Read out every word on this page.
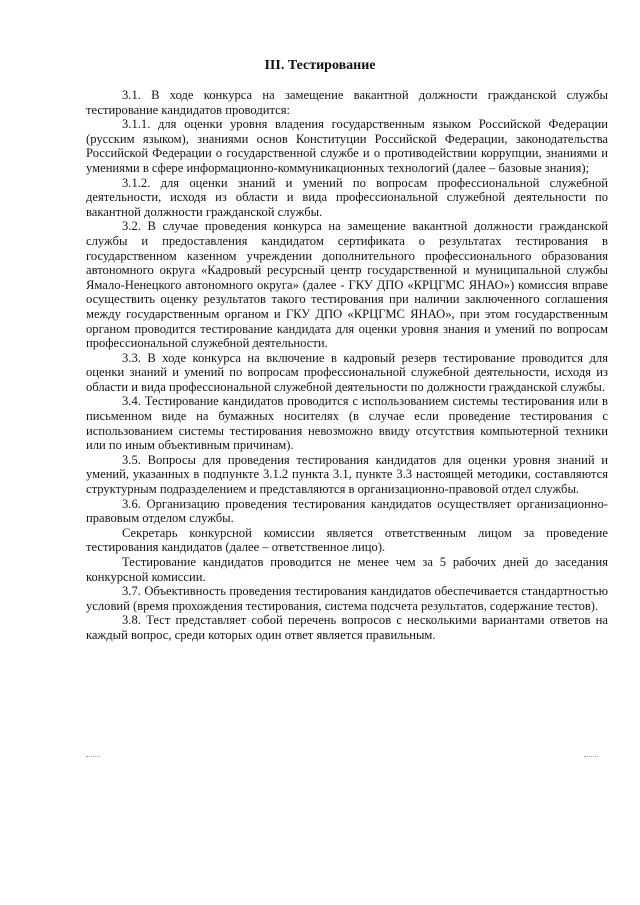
III. Тестирование

3.1. В ходе конкурса на замещение вакантной должности гражданской службы тестирование кандидатов проводится:

3.1.1. для оценки уровня владения государственным языком Российской Федерации (русским языком), знаниями основ Конституции Российской Федерации, законодательства Российской Федерации о государственной службе и о противодействии коррупции, знаниями и умениями в сфере информационно-коммуникационных технологий (далее – базовые знания);

3.1.2. для оценки знаний и умений по вопросам профессиональной служебной деятельности, исходя из области и вида профессиональной служебной деятельности по вакантной должности гражданской службы.

3.2. В случае проведения конкурса на замещение вакантной должности гражданской службы и предоставления кандидатом сертификата о результатах тестирования в государственном казенном учреждении дополнительного профессионального образования автономного округа «Кадровый ресурсный центр государственной и муниципальной службы Ямало-Ненецкого автономного округа» (далее - ГКУ ДПО «КРЦГМС ЯНАО») комиссия вправе осуществить оценку результатов такого тестирования при наличии заключенного соглашения между государственным органом и ГКУ ДПО «КРЦГМС ЯНАО», при этом государственным органом проводится тестирование кандидата для оценки уровня знания и умений по вопросам профессиональной служебной деятельности.

3.3. В ходе конкурса на включение в кадровый резерв тестирование проводится для оценки знаний и умений по вопросам профессиональной служебной деятельности, исходя из области и вида профессиональной служебной деятельности по должности гражданской службы.

3.4. Тестирование кандидатов проводится с использованием системы тестирования или в письменном виде на бумажных носителях (в случае если проведение тестирования с использованием системы тестирования невозможно ввиду отсутствия компьютерной техники или по иным объективным причинам).

3.5. Вопросы для проведения тестирования кандидатов для оценки уровня знаний и умений, указанных в подпункте 3.1.2 пункта 3.1, пункте 3.3 настоящей методики, составляются структурным подразделением и представляются в организационно-правовой отдел службы.

3.6. Организацию проведения тестирования кандидатов осуществляет организационно-правовым отделом службы.

Секретарь конкурсной комиссии является ответственным лицом за проведение тестирования кандидатов (далее – ответственное лицо).

Тестирование кандидатов проводится не менее чем за 5 рабочих дней до заседания конкурсной комиссии.

3.7. Объективность проведения тестирования кандидатов обеспечивается стандартностью условий (время прохождения тестирования, система подсчета результатов, содержание тестов).

3.8. Тест представляет собой перечень вопросов с несколькими вариантами ответов на каждый вопрос, среди которых один ответ является правильным.
